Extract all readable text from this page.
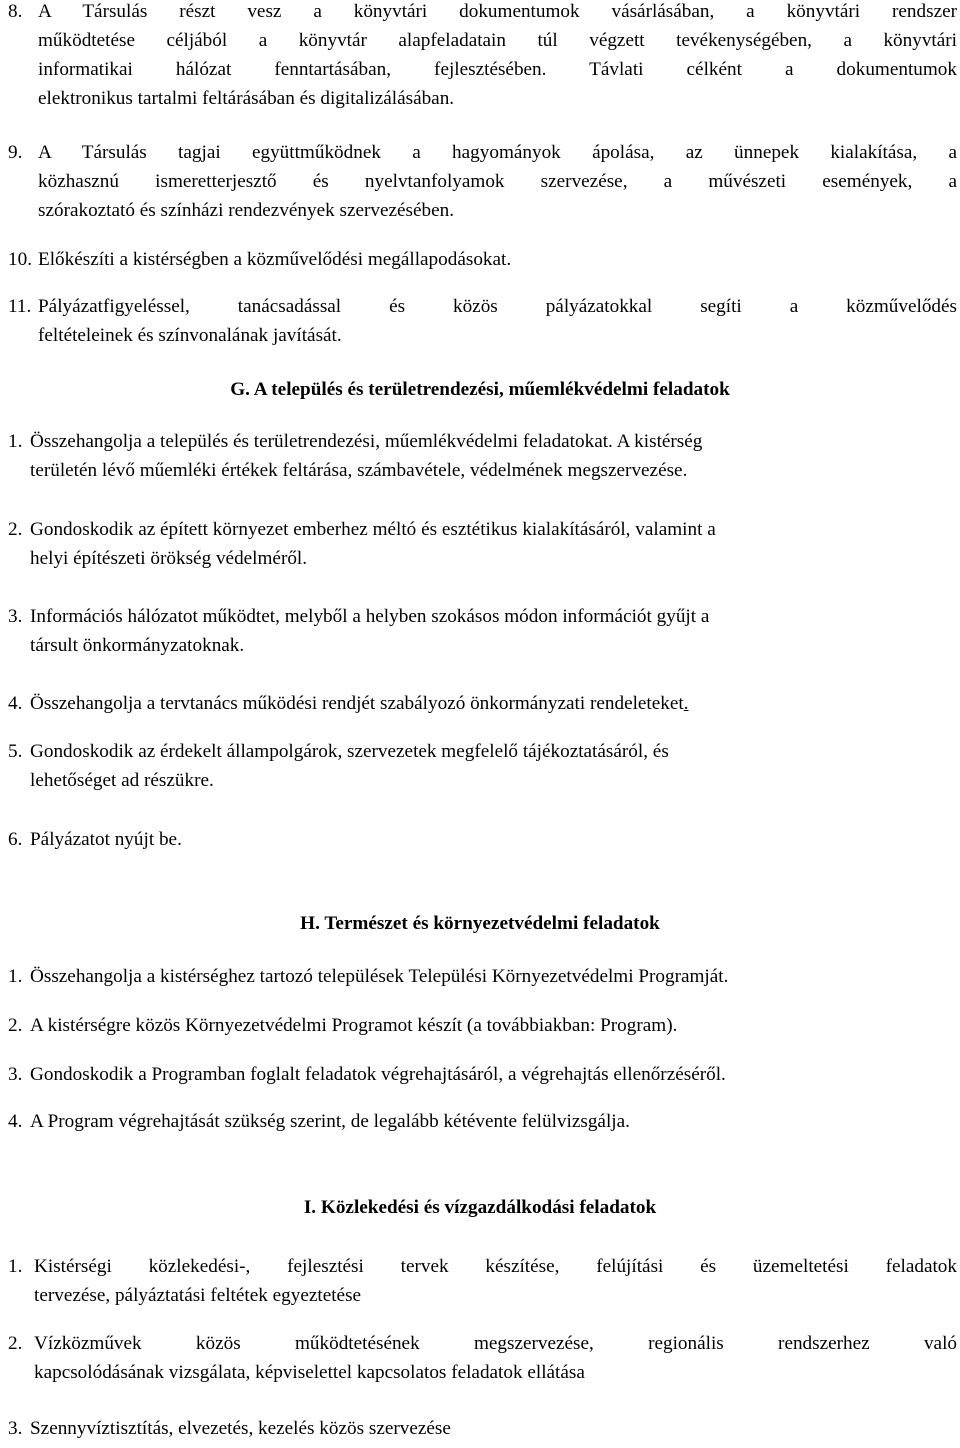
8. A Társulás részt vesz a könyvtári dokumentumok vásárlásában, a könyvtári rendszer
működtetése céljából a könyvtár alapfeladatain túl végzett tevékenységében, a könyvtári
informatikai hálózat fenntartásában, fejlesztésében. Távlati célként a dokumentumok
elektronikus tartalmi feltárásában és digitalizálásában.
9. A Társulás tagjai együttműködnek a hagyományok ápolása, az ünnepek kialakítása, a
közhasznú ismeretterjesztő és nyelvtanfolyamok szervezése, a művészeti események, a
szórakoztató és színházi rendezvények szervezésében.
10. Előkészíti a kistérségben a közművelődési megállapodásokat.
11. Pályázatfigyeléssel, tanácsadással és közös pályázatokkal segíti a közművelődés
feltételeinek és színvonalának javítását.
G. A település és területrendezési, műemlékvédelmi feladatok
1. Összehangolja a település és területrendezési, műemlékvédelmi feladatokat. A kistérség
területén lévő műemléki értékek feltárása, számbavétele, védelmének megszervezése.
2. Gondoskodik az épített környezet emberhez méltó és esztétikus kialakításáról, valamint a
helyi építészeti örökség védelméről.
3. Információs hálózatot működtet, melyből a helyben szokásos módon információt gyűjt a
társult önkormányzatoknak.
4. Összehangolja a tervtanács működési rendjét szabályozó önkormányzati rendeleteket.
5. Gondoskodik az érdekelt állampolgárok, szervezetek megfelelő tájékoztatásáról, és
lehetőséget ad részükre.
6. Pályázatot nyújt be.
H. Természet és környezetvédelmi feladatok
1. Összehangolja a kistérséghez tartozó települések Települési Környezetvédelmi Programját.
2. A kistérségre közös Környezetvédelmi Programot készít (a továbbiakban: Program).
3. Gondoskodik a Programban foglalt feladatok végrehajtásáról, a végrehajtás ellenőrzéséről.
4. A Program végrehajtását szükség szerint, de legalább kétévente felülvizsgálja.
I. Közlekedési és vízgazdálkodási feladatok
1. Kistérségi közlekedési-, fejlesztési tervek készítése, felújítási és üzemeltetési feladatok
tervezése, pályáztatási feltétek egyeztetése
2. Vízközművek közös működtetésének megszervezése, regionális rendszerhez való
kapcsolódásának vizsgálata, képviselettel kapcsolatos feladatok ellátása
3. Szennyvíztisztítás, elvezetés, kezelés közös szervezése
